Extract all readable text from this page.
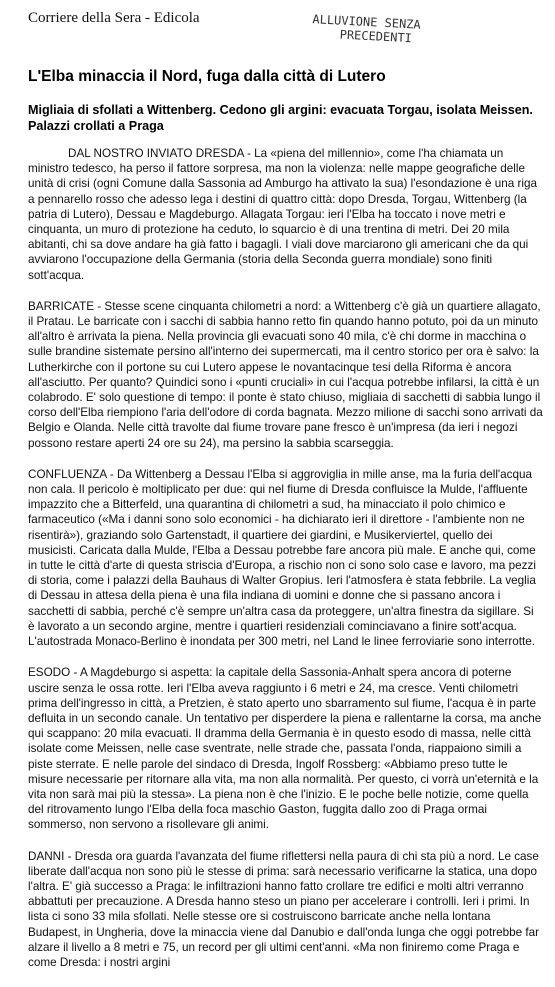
Corriere della Sera - Edicola	ALLUVIONE SENZA
PRECEDENTI
L'Elba minaccia il Nord, fuga dalla città di Lutero
Migliaia di sfollati a Wittenberg. Cedono gli argini: evacuata Torgau, isolata Meissen. Palazzi crollati a Praga

DAL NOSTRO INVIATO DRESDA - La «piena del millennio», come l'ha chiamata un ministro tedesco, ha perso il fattore sorpresa, ma non la violenza: nelle mappe geografiche delle unità di crisi (ogni Comune dalla Sassonia ad Amburgo ha attivato la sua) l'esondazione è una riga a pennarello rosso che adesso lega i destini di quattro città: dopo Dresda, Torgau, Wittenberg (la patria di Lutero), Dessau e Magdeburgo. Allagata Torgau: ieri l'Elba ha toccato i nove metri e cinquanta, un muro di protezione ha ceduto, lo squarcio è di una trentina di metri. Dei 20 mila abitanti, chi sa dove andare ha già fatto i bagagli. I viali dove marciarono gli americani che da qui avviarono l'occupazione della Germania (storia della Seconda guerra mondiale) sono finiti sott'acqua.

BARRICATE - Stesse scene cinquanta chilometri a nord: a Wittenberg c'è già un quartiere allagato, il Pratau. Le barricate con i sacchi di sabbia hanno retto fin quando hanno potuto, poi da un minuto all'altro è arrivata la piena. Nella provincia gli evacuati sono 40 mila, c'è chi dorme in macchina o sulle brandine sistemate persino all'interno dei supermercati, ma il centro storico per ora è salvo: la Lutherkirche con il portone su cui Lutero appese le novantacinque tesi della Riforma è ancora all'asciutto. Per quanto? Quindici sono i «punti cruciali» in cui l'acqua potrebbe infilarsi, la città è un colabrodo. E' solo questione di tempo: il ponte è stato chiuso, migliaia di sacchetti di sabbia lungo il corso dell'Elba riempiono l'aria dell'odore di corda bagnata. Mezzo milione di sacchi sono arrivati da Belgio e Olanda. Nelle città travolte dal fiume trovare pane fresco è un'impresa (da ieri i negozi possono restare aperti 24 ore su 24), ma persino la sabbia scarseggia.

CONFLUENZA - Da Wittenberg a Dessau l'Elba si aggroviglia in mille anse, ma la furia dell'acqua non cala. Il pericolo è moltiplicato per due: qui nel fiume di Dresda confluisce la Mulde, l'affluente impazzito che a Bitterfeld, una quarantina di chilometri a sud, ha minacciato il polo chimico e farmaceutico («Ma i danni sono solo economici - ha dichiarato ieri il direttore - l'ambiente non ne risentirà»), graziando solo Gartenstadt, il quartiere dei giardini, e Musikerviertel, quello dei musicisti. Caricata dalla Mulde, l'Elba a Dessau potrebbe fare ancora più male. E anche qui, come in tutte le città d'arte di questa striscia d'Europa, a rischio non ci sono solo case e lavoro, ma pezzi di storia, come i palazzi della Bauhaus di Walter Gropius. Ieri l'atmosfera è stata febbrile. La veglia di Dessau in attesa della piena è una fila indiana di uomini e donne che si passano ancora i sacchetti di sabbia, perché c'è sempre un'altra casa da proteggere, un'altra finestra da sigillare. Si è lavorato a un secondo argine, mentre i quartieri residenziali cominciavano a finire sott'acqua. L'autostrada Monaco-Berlino è inondata per 300 metri, nel Land le linee ferroviarie sono interrotte.

ESODO - A Magdeburgo si aspetta: la capitale della Sassonia-Anhalt spera ancora di poterne uscire senza le ossa rotte. Ieri l'Elba aveva raggiunto i 6 metri e 24, ma cresce. Venti chilometri prima dell'ingresso in città, a Pretzien, è stato aperto uno sbarramento sul fiume, l'acqua è in parte defluita in un secondo canale. Un tentativo per disperdere la piena e rallentarne la corsa, ma anche qui scappano: 20 mila evacuati. Il dramma della Germania è in questo esodo di massa, nelle città isolate come Meissen, nelle case sventrate, nelle strade che, passata l'onda, riappaiono simili a piste sterrate. E nelle parole del sindaco di Dresda, Ingolf Rossberg: «Abbiamo preso tutte le misure necessarie per ritornare alla vita, ma non alla normalità. Per questo, ci vorrà un'eternità e la vita non sarà mai più la stessa». La piena non è che l'inizio. E le poche belle notizie, come quella del ritrovamento lungo l'Elba della foca maschio Gaston, fuggita dallo zoo di Praga ormai sommerso, non servono a risollevare gli animi.

DANNI - Dresda ora guarda l'avanzata del fiume riflettersi nella paura di chi sta più a nord. Le case liberate dall'acqua non sono più le stesse di prima: sarà necessario verificarne la statica, una dopo l'altra. E' già successo a Praga: le infiltrazioni hanno fatto crollare tre edifici e molti altri verranno abbattuti per precauzione. A Dresda hanno steso un piano per accelerare i controlli. Ieri i primi. In lista ci sono 33 mila sfollati. Nelle stesse ore si costruiscono barricate anche nella lontana Budapest, in Ungheria, dove la minaccia viene dal Danubio e dall'onda lunga che oggi potrebbe far alzare il livello a 8 metri e 75, un record per gli ultimi cent'anni. «Ma non finiremo come Praga e come Dresda: i nostri argini
